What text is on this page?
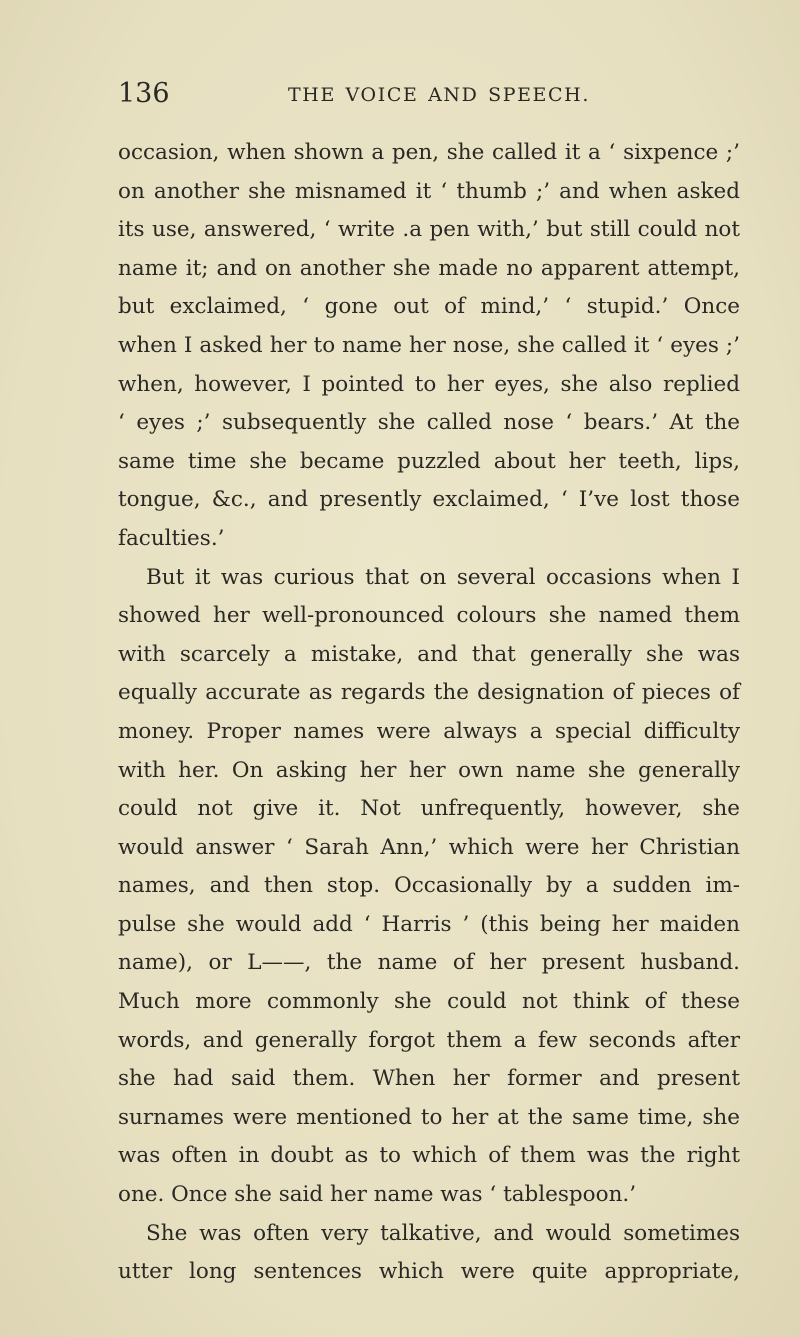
136	THE VOICE AND SPEECH.
occasion, when shown a pen, she called it a ‘ sixpence ;’
on another she misnamed it ‘ thumb ;’ and when asked
its use, answered, ‘ write .a pen with,’ but still could not
name it; and on another she made no apparent attempt,
but exclaimed, ‘ gone out of mind,’ ‘ stupid.’ Once
when I asked her to name her nose, she called it ‘ eyes ;’
when, however, I pointed to her eyes, she also replied
‘ eyes ;’ subsequently she called nose ‘ bears.’ At the
same time she became puzzled about her teeth, lips,
tongue, &c., and presently exclaimed, ‘ I’ve lost those
faculties.’
But it was curious that on several occasions when I
showed her well-pronounced colours she named them
with scarcely a mistake, and that generally she was
equally accurate as regards the designation of pieces of
money. Proper names were always a special difficulty
with her. On asking her her own name she generally
could not give it. Not unfrequently, however, she
would answer ‘ Sarah Ann,’ which were her Christian
names, and then stop. Occasionally by a sudden im-
pulse she would add ‘ Harris ’ (this being her maiden
name), or L——, the name of her present husband.
Much more commonly she could not think of these
words, and generally forgot them a few seconds after
she had said them. When her former and present
surnames were mentioned to her at the same time, she
was often in doubt as to which of them was the right
one. Once she said her name was ‘ tablespoon.’
She was often very talkative, and would sometimes
utter long sentences which were quite appropriate,
